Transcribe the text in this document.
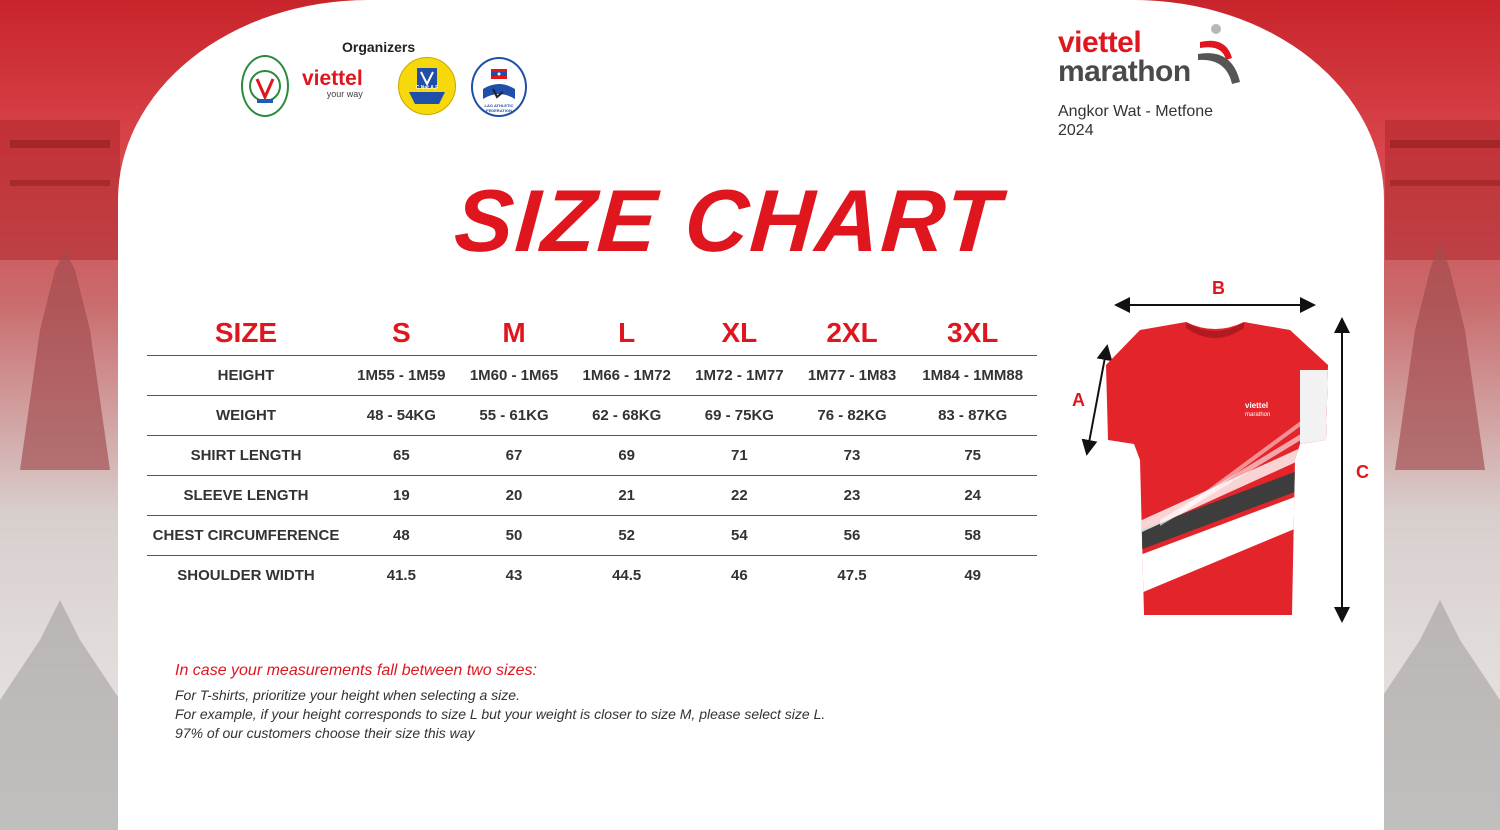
Organizers
viettel
your way
C.Nat.A.F
LAO ATHLETIC FEDERATION
viettel
marathon
Angkor Wat - Metfone
2024
SIZE CHART
SIZE	S	M	L	XL	2XL	3XL
HEIGHT	1M55 - 1M59	1M60 - 1M65	1M66 - 1M72	1M72 - 1M77	1M77 - 1M83	1M84 - 1MM88
WEIGHT	48 - 54KG	55 - 61KG	62 - 68KG	69 - 75KG	76 - 82KG	83 - 87KG
SHIRT LENGTH	65	67	69	71	73	75
SLEEVE LENGTH	19	20	21	22	23	24
CHEST CIRCUMFERENCE	48	50	52	54	56	58
SHOULDER WIDTH	41.5	43	44.5	46	47.5	49
viettel
marathon
A
B
C
In case your measurements fall between two sizes:
For T-shirts, prioritize your height when selecting a size.
For example, if your height corresponds to size L but your weight is closer to size M, please select size L.
97% of our customers choose their size this way
